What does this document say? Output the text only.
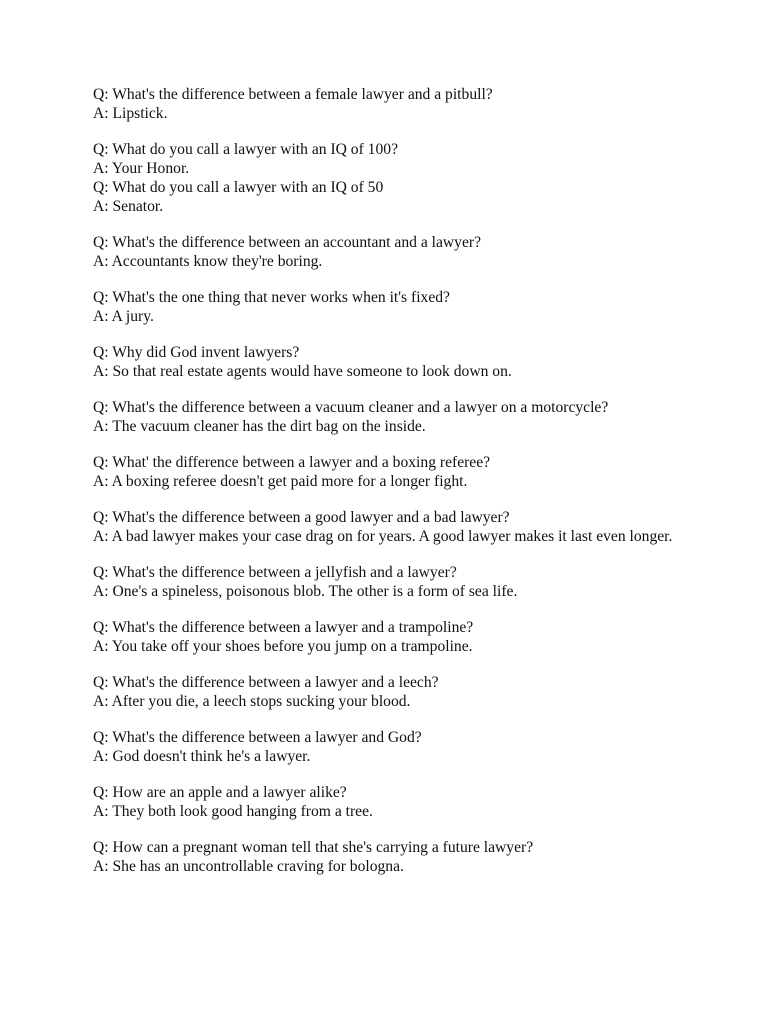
Q: What's the difference between a female lawyer and a pitbull?
A: Lipstick.
Q: What do you call a lawyer with an IQ of 100?
A: Your Honor.
Q: What do you call a lawyer with an IQ of 50
A: Senator.
Q: What's the difference between an accountant and a lawyer?
A: Accountants know they're boring.
Q: What's the one thing that never works when it's fixed?
A: A jury.
Q: Why did God invent lawyers?
A: So that real estate agents would have someone to look down on.
Q: What's the difference between a vacuum cleaner and a lawyer on a motorcycle?
A: The vacuum cleaner has the dirt bag on the inside.
Q: What' the difference between a lawyer and a boxing referee?
A: A boxing referee doesn't get paid more for a longer fight.
Q: What's the difference between a good lawyer and a bad lawyer?
A: A bad lawyer makes your case drag on for years. A good lawyer makes it last even longer.
Q: What's the difference between a jellyfish and a lawyer?
A: One's a spineless, poisonous blob. The other is a form of sea life.
Q: What's the difference between a lawyer and a trampoline?
A: You take off your shoes before you jump on a trampoline.
Q: What's the difference between a lawyer and a leech?
A: After you die, a leech stops sucking your blood.
Q: What's the difference between a lawyer and God?
A: God doesn't think he's a lawyer.
Q: How are an apple and a lawyer alike?
A: They both look good hanging from a tree.
Q: How can a pregnant woman tell that she's carrying a future lawyer?
A: She has an uncontrollable craving for bologna.
